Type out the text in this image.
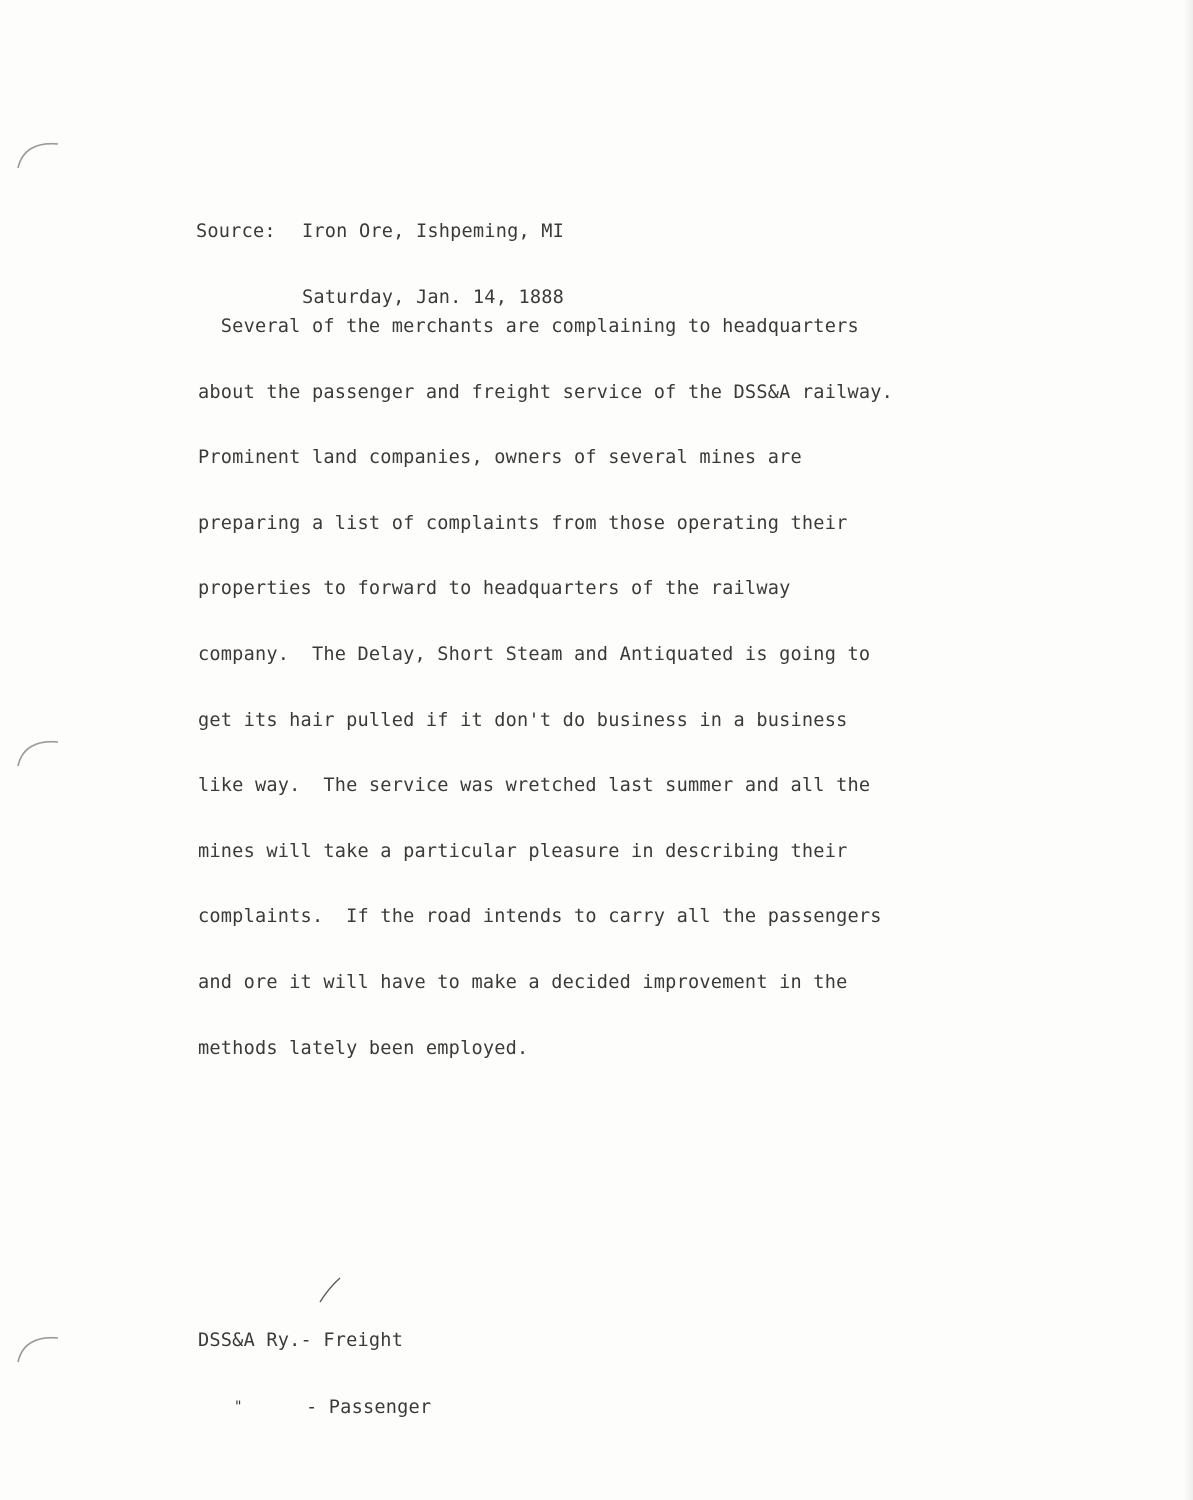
Source: Iron Ore, Ishpeming, MI

Saturday, Jan. 14, 1888

Several of the merchants are complaining to headquarters

about the passenger and freight service of the DSS&A railway.

Prominent land companies, owners of several mines are

preparing a list of complaints from those operating their

properties to forward to headquarters of the railway

company.  The Delay, Short Steam and Antiquated is going to

get its hair pulled if it don't do business in a business

like way.  The service was wretched last summer and all the

mines will take a particular pleasure in describing their

complaints.  If the road intends to carry all the passengers

and ore it will have to make a decided improvement in the

methods lately been employed.

DSS&A Ry.- Freight

"	- Passenger
